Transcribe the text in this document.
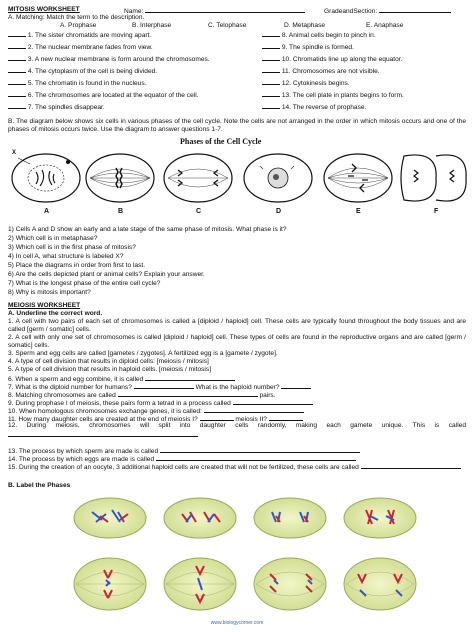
MITOSIS WORKSHEET	Name:	GradeandSection:
A. Matching: Match the term to the description.
A. Prophase	B. Interphase	C. Telophase	D. Metaphase	E. Anaphase
1. The sister chromatids are moving apart.
2. The nuclear membrane fades from view.
3. A new nuclear membrane is form around the chromosomes.
4. The cytoplasm of the cell is being divided.
5. The chromatin is found in the nucleus.
6. The chromosomes are located at the equator of the cell.
7. The spindles disappear.
8. Animal cells begin to pinch in.
9. The spindle is formed.
10. Chromatids line up along the equator.
11. Chromosomes are not visible.
12. Cytokinesis begins.
13. The cell plate in plants begins to form.
14. The reverse of prophase.
B. The diagram below shows six cells in various phases of the cell cycle. Note the cells are not arranged in the order in which mitosis occurs and one of the phases of mitosis occurs twice. Use the diagram to answer questions 1-7.
Phases of the Cell Cycle
X
A	B	C	D	E	F
1) Cells A and D show an early and a late stage of the same phase of mitosis. What phase is it?
2) Which cell is in metaphase?
3) Which cell is in the first phase of mitosis?
4) In cell A, what structure is labeled X?
5) Place the diagrams in order from first to last.
6) Are the cells depicted plant or animal cells? Explain your answer.
7) What is the longest phase of the entire cell cycle?
8) Why is mitosis important?
MEIOSIS WORKSHEET
A. Underline the correct word.
1. A cell with two pairs of each set of chromosomes is called a [diploid / haploid] cell. These cells are typically found throughout the body tissues and are called [germ / somatic] cells.
2. A cell with only one set of chromosomes is called [diploid / haploid] cell. These types of cells are found in the reproductive organs and are called [germ / somatic] cells.
3. Sperm and egg cells are called [gametes / zygotes]. A fertilized egg is a [gamete / zygote].
4. A type of cell division that results in diploid cells: [meiosis / mitosis]
5. A type of cell division that results in haploid cells. [meiosis / mitosis]
6. When a sperm and egg combine, it is called
7. What is the diploid number for humans?	What is the haploid number?
8. Matching chromosomes are called	pairs.
9. During prophase I of meiosis, these pairs form a tetrad in a process called
10. When homologous chromosomes exchange genes, it is called:
11. How many daughter cells are created at the end of meiosis I?	meiosis II?
12. During meiosis, chromosomes will split into daughter cells randomly, making each gamete unique. This is called
13. The process by which sperm are made is called
14. The process by which eggs are made is called
15. During the creation of an oocyte, 3 additional haploid cells are created that will not be fertilized, these cells are called
B. Label the Phases
www.biologycorner.com
